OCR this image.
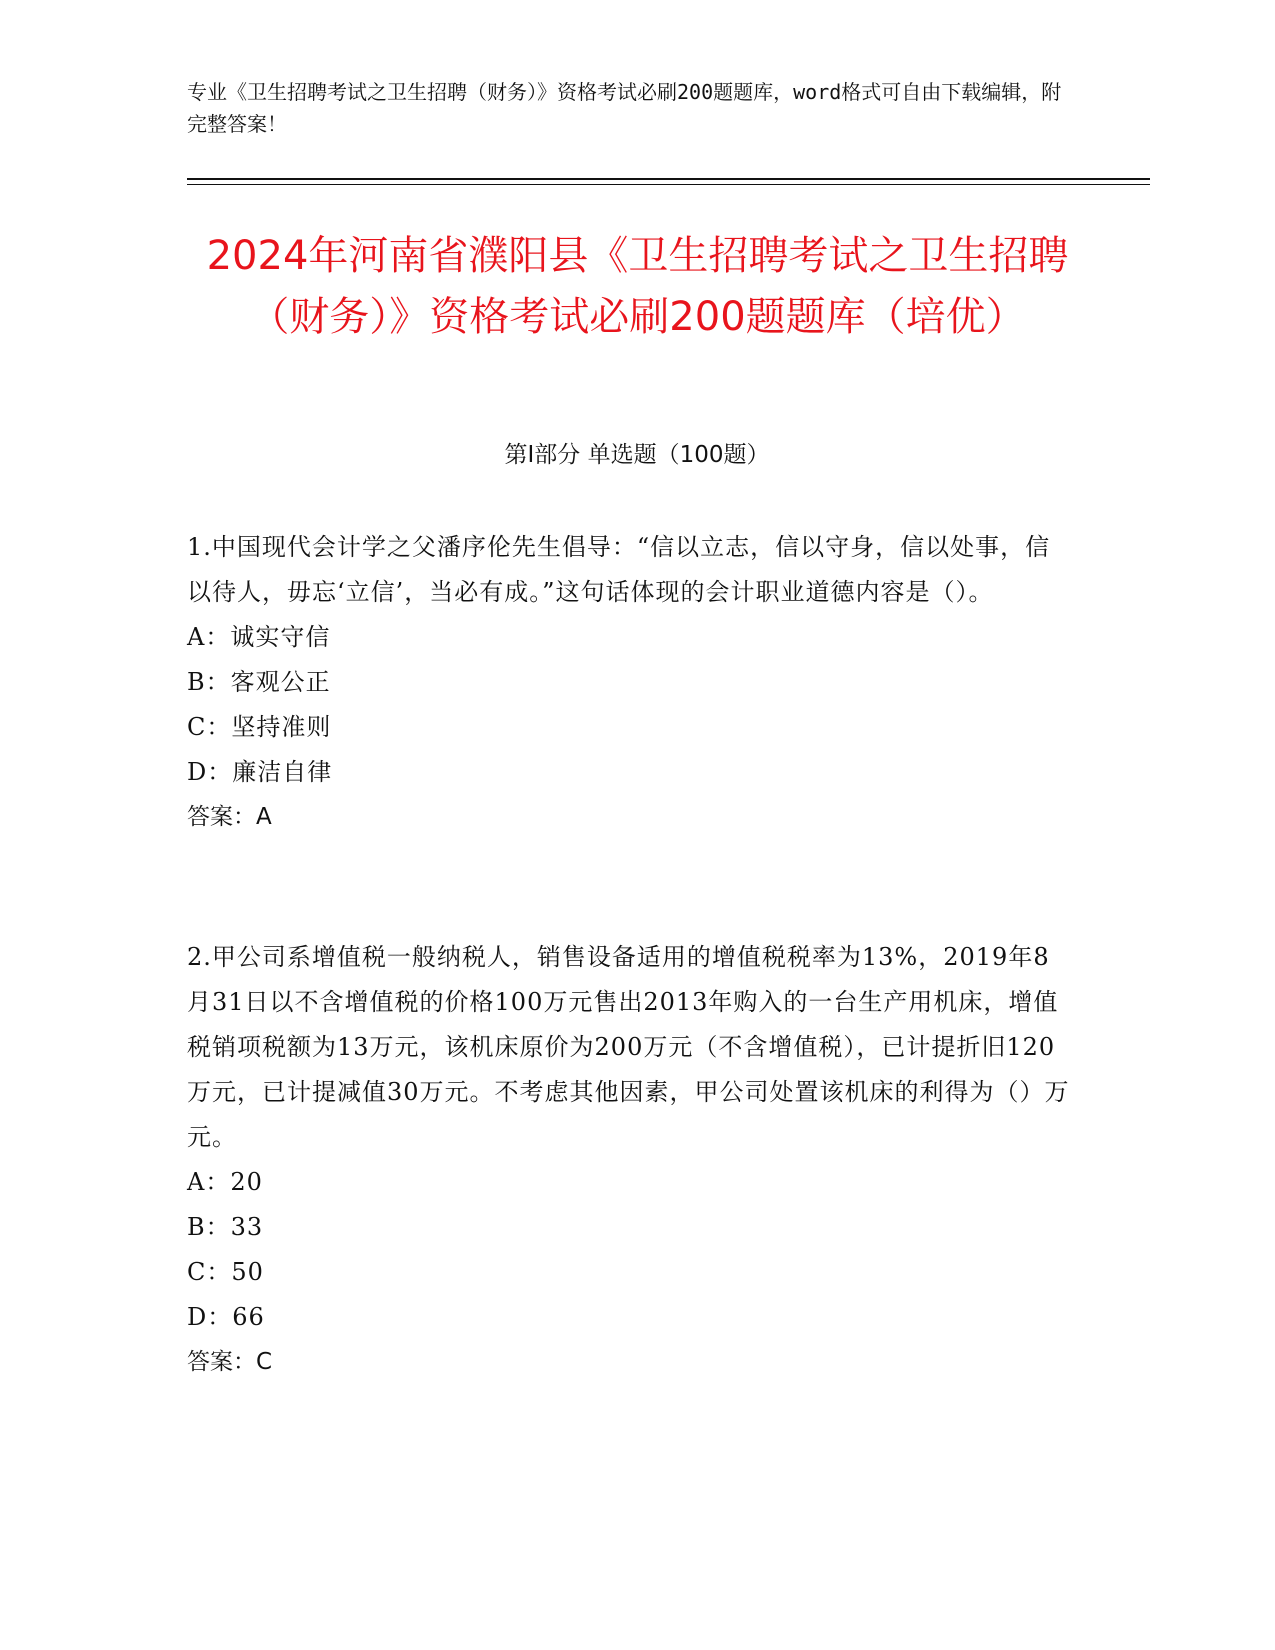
专业《卫生招聘考试之卫生招聘（财务）》资格考试必刷200题题库，word格式可自由下载编辑，附完整答案！
2024年河南省濮阳县《卫生招聘考试之卫生招聘（财务）》资格考试必刷200题题库（培优）
第Ⅰ部分 单选题（100题）

1.中国现代会计学之父潘序伦先生倡导：“信以立志，信以守身，信以处事，信以待人，毋忘‘立信’，当必有成。”这句话体现的会计职业道德内容是（）。

A：诚实守信

B：客观公正

C：坚持准则

D：廉洁自律

答案：A

2.甲公司系增值税一般纳税人，销售设备适用的增值税税率为13%，2019年8月31日以不含增值税的价格100万元售出2013年购入的一台生产用机床，增值税销项税额为13万元，该机床原价为200万元（不含增值税），已计提折旧120万元，已计提减值30万元。不考虑其他因素，甲公司处置该机床的利得为（）万元。

A：20

B：33

C：50

D：66

答案：C
